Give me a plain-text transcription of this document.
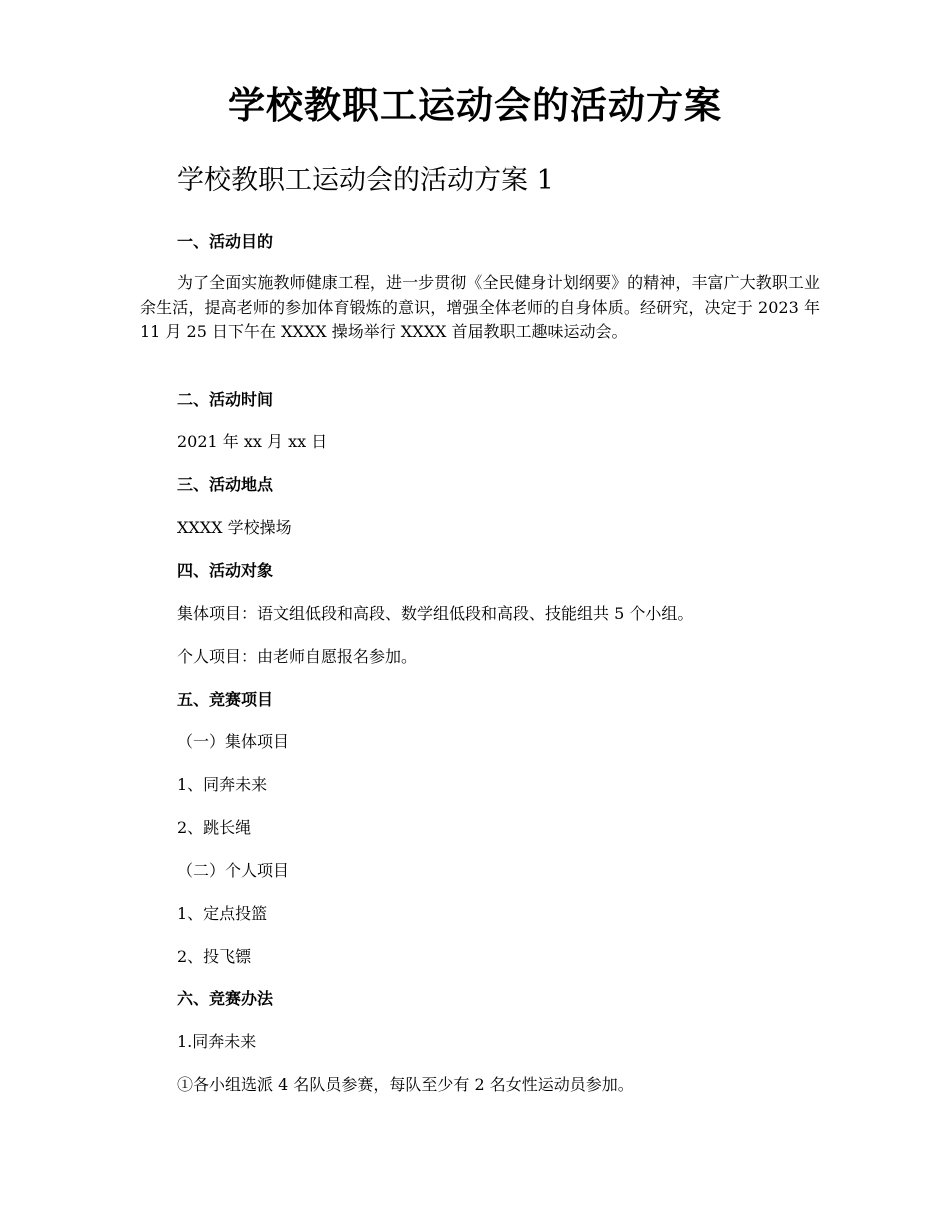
学校教职工运动会的活动方案
学校教职工运动会的活动方案 1
一、活动目的
为了全面实施教师健康工程，进一步贯彻《全民健身计划纲要》的精神，丰富广大教职工业余生活，提高老师的参加体育锻炼的意识，增强全体老师的自身体质。经研究，决定于 2023 年 11 月 25 日下午在 XXXX 操场举行 XXXX 首届教职工趣味运动会。
二、活动时间
2021 年 xx 月 xx 日
三、活动地点
XXXX 学校操场
四、活动对象
集体项目：语文组低段和高段、数学组低段和高段、技能组共 5 个小组。
个人项目：由老师自愿报名参加。
五、竞赛项目
（一）集体项目
1、同奔未来
2、跳长绳
（二）个人项目
1、定点投篮
2、投飞镖
六、竞赛办法
1.同奔未来
①各小组选派 4 名队员参赛，每队至少有 2 名女性运动员参加。
